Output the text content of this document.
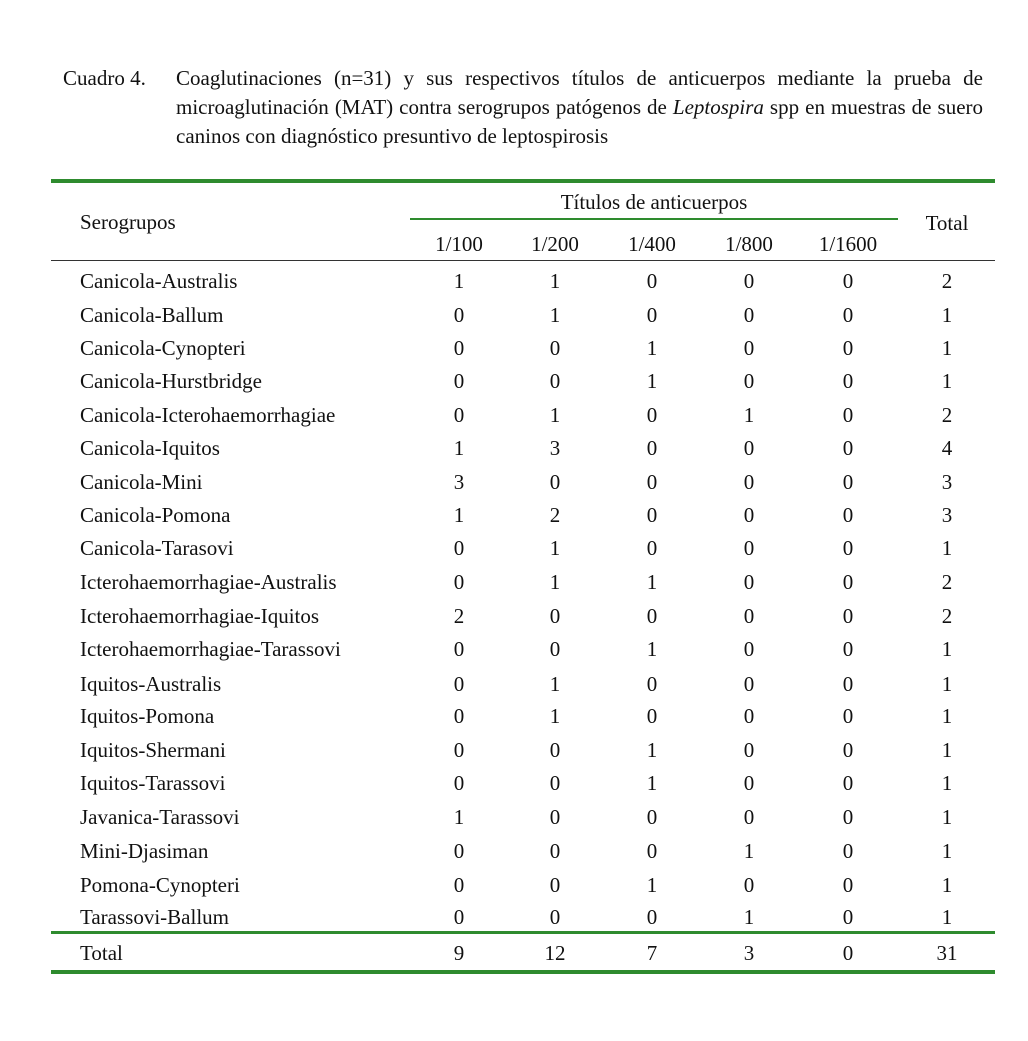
Cuadro 4. Coaglutinaciones (n=31) y sus respectivos títulos de anticuerpos mediante la prueba de microaglutinación (MAT) contra serogrupos patógenos de Leptospira spp en muestras de suero caninos con diagnóstico presuntivo de leptospirosis
Serogrupos
Títulos de anticuerpos
Total
1/100	1/200	1/400	1/800	1/1600
Canicola-Australis	1	1	0	0	0	2
Canicola-Ballum	0	1	0	0	0	1
Canicola-Cynopteri	0	0	1	0	0	1
Canicola-Hurstbridge	0	0	1	0	0	1
Canicola-Icterohaemorrhagiae	0	1	0	1	0	2
Canicola-Iquitos	1	3	0	0	0	4
Canicola-Mini	3	0	0	0	0	3
Canicola-Pomona	1	2	0	0	0	3
Canicola-Tarasovi	0	1	0	0	0	1
Icterohaemorrhagiae-Australis	0	1	1	0	0	2
Icterohaemorrhagiae-Iquitos	2	0	0	0	0	2
Icterohaemorrhagiae-Tarassovi	0	0	1	0	0	1
Iquitos-Australis	0	1	0	0	0	1
Iquitos-Pomona	0	1	0	0	0	1
Iquitos-Shermani	0	0	1	0	0	1
Iquitos-Tarassovi	0	0	1	0	0	1
Javanica-Tarassovi	1	0	0	0	0	1
Mini-Djasiman	0	0	0	1	0	1
Pomona-Cynopteri	0	0	1	0	0	1
Tarassovi-Ballum	0	0	0	1	0	1
Total	9	12	7	3	0	31
